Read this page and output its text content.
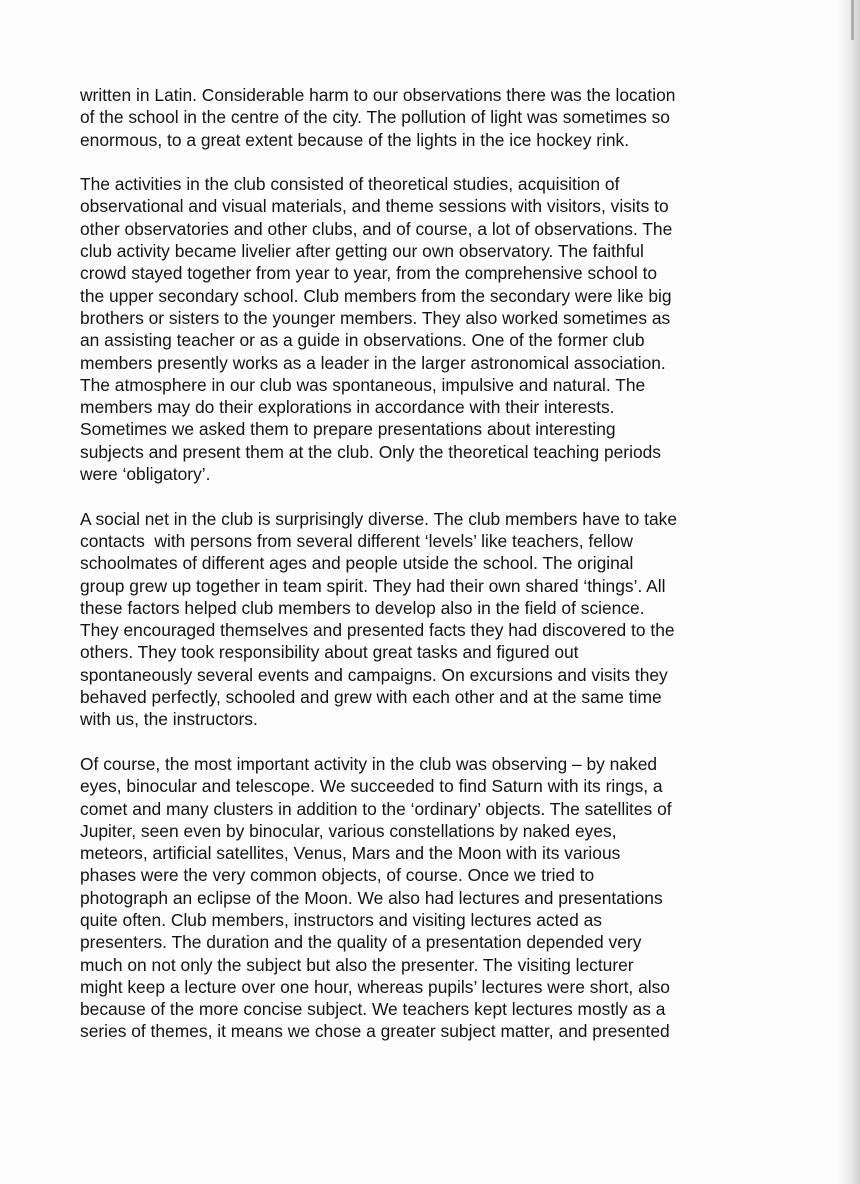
written in Latin. Considerable harm to our observations there was the location
of the school in the centre of the city. The pollution of light was sometimes so
enormous, to a great extent because of the lights in the ice hockey rink.

The activities in the club consisted of theoretical studies, acquisition of
observational and visual materials, and theme sessions with visitors, visits to
other observatories and other clubs, and of course, a lot of observations. The
club activity became livelier after getting our own observatory. The faithful
crowd stayed together from year to year, from the comprehensive school to
the upper secondary school. Club members from the secondary were like big
brothers or sisters to the younger members. They also worked sometimes as
an assisting teacher or as a guide in observations. One of the former club
members presently works as a leader in the larger astronomical association.
The atmosphere in our club was spontaneous, impulsive and natural. The
members may do their explorations in accordance with their interests.
Sometimes we asked them to prepare presentations about interesting
subjects and present them at the club. Only the theoretical teaching periods
were ‘obligatory’.

A social net in the club is surprisingly diverse. The club members have to take
contacts  with persons from several different ‘levels’ like teachers, fellow
schoolmates of different ages and people utside the school. The original
group grew up together in team spirit. They had their own shared ‘things’. All
these factors helped club members to develop also in the field of science.
They encouraged themselves and presented facts they had discovered to the
others. They took responsibility about great tasks and figured out
spontaneously several events and campaigns. On excursions and visits they
behaved perfectly, schooled and grew with each other and at the same time
with us, the instructors.

Of course, the most important activity in the club was observing – by naked
eyes, binocular and telescope. We succeeded to find Saturn with its rings, a
comet and many clusters in addition to the ‘ordinary’ objects. The satellites of
Jupiter, seen even by binocular, various constellations by naked eyes,
meteors, artificial satellites, Venus, Mars and the Moon with its various
phases were the very common objects, of course. Once we tried to
photograph an eclipse of the Moon. We also had lectures and presentations
quite often. Club members, instructors and visiting lectures acted as
presenters. The duration and the quality of a presentation depended very
much on not only the subject but also the presenter. The visiting lecturer
might keep a lecture over one hour, whereas pupils’ lectures were short, also
because of the more concise subject. We teachers kept lectures mostly as a
series of themes, it means we chose a greater subject matter, and presented
